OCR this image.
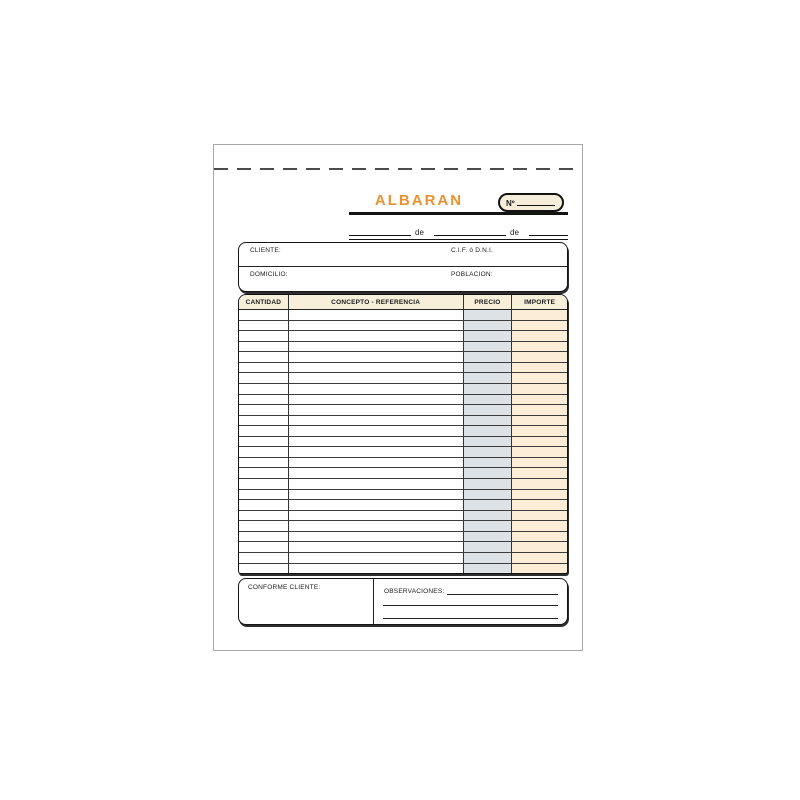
ALBARAN	Nº
de	de
CLIENTE:	C.I.F. ó D.N.I.
DOMICILIO:	POBLACION:
CANTIDAD	CONCEPTO - REFERENCIA	PRECIO	IMPORTE
CONFORME CLIENTE:
OBSERVACIONES:
